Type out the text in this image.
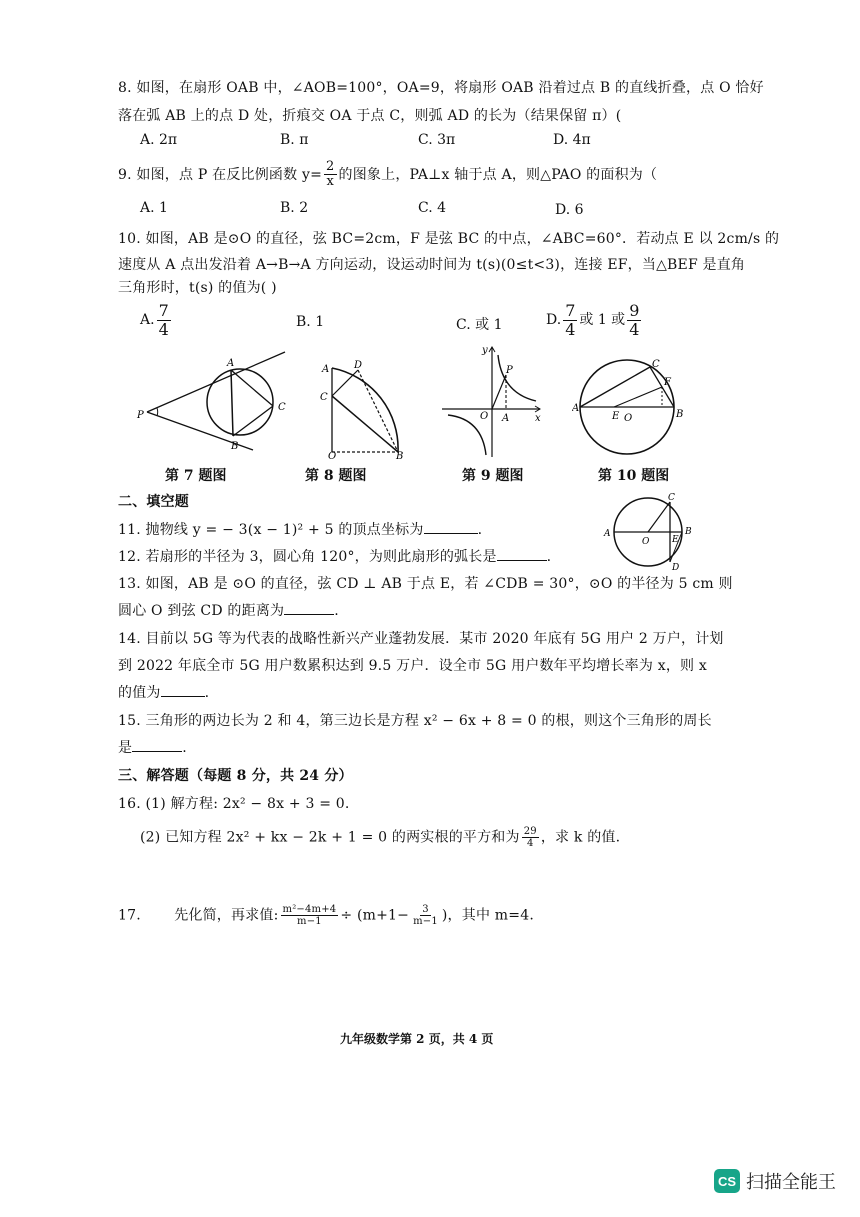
8. 如图，在扇形 OAB 中，∠AOB=100°，OA=9，将扇形 OAB 沿着过点 B 的直线折叠，点 O 恰好
落在弧 AB 上的点 D 处，折痕交 OA 于点 C，则弧 AD 的长为（结果保留 π）(
A. 2π	B. π	C. 3π	D. 4π
9. 如图，点 P 在反比例函数 $y= \frac{2}{x}$ 的图象上，PA⊥x 轴于点 A，则△PAO 的面积为（
A. 1	B. 2	C. 4	D. 6
10. 如图，AB 是⊙O 的直径，弦 BC=2cm，F 是弦 BC 的中点，∠ABC=60°．若动点 E 以 2cm/s 的
速度从 A 点出发沿着 A→B→A 方向运动，设运动时间为 t(s)(0≤t<3)，连接 EF，当△BEF 是直角
三角形时，t(s) 的值为( )
A. $\frac{7}{4}$	B. 1	C. 或 1	D. $\frac{7}{4}$ 或 1 或 $\frac{9}{4}$
A
B
C
P
A
C
D
O	B
y
P
O A	x
C
F
A
E O	B
第 7 题图	第 8 题图	第 9 题图	第 10 题图
二、填空题	C
A
O	E
B
D
11. 抛物线 y = − 3(x − 1)² + 5 的顶点坐标为	.
12. 若扇形的半径为 3，圆心角 120°，为则此扇形的弧长是	.
13. 如图，AB 是 ⊙O 的直径，弦 CD ⊥ AB 于点 E，若 ∠CDB = 30°，⊙O 的半径为 5 cm 则
圆心 O 到弦 CD 的距离为	.
14. 目前以 5G 等为代表的战略性新兴产业蓬勃发展．某市 2020 年底有 5G 用户 2 万户，计划
到 2022 年底全市 5G 用户数累积达到 9.5 万户．设全市 5G 用户数年平均增长率为 x，则 x
的值为	.
15. 三角形的两边长为 2 和 4，第三边长是方程 x² − 6x + 8 = 0 的根，则这个三角形的周长
是	.
三、解答题（每题 8 分，共 24 分）
16. (1) 解方程: 2x² − 8x + 3 = 0.
(2) 已知方程 2x² + kx − 2k + 1 = 0 的两实根的平方和为 $\frac{29}{4}$ ，求 k 的值.
17. 先化简，再求值: $\frac{\text{m²−4m+4}}{m-1} \div (m+1- \frac{3}{m-1}$ )，其中 m=4.
九年级数学第 2 页，共 4 页
CS 扫描全能王
